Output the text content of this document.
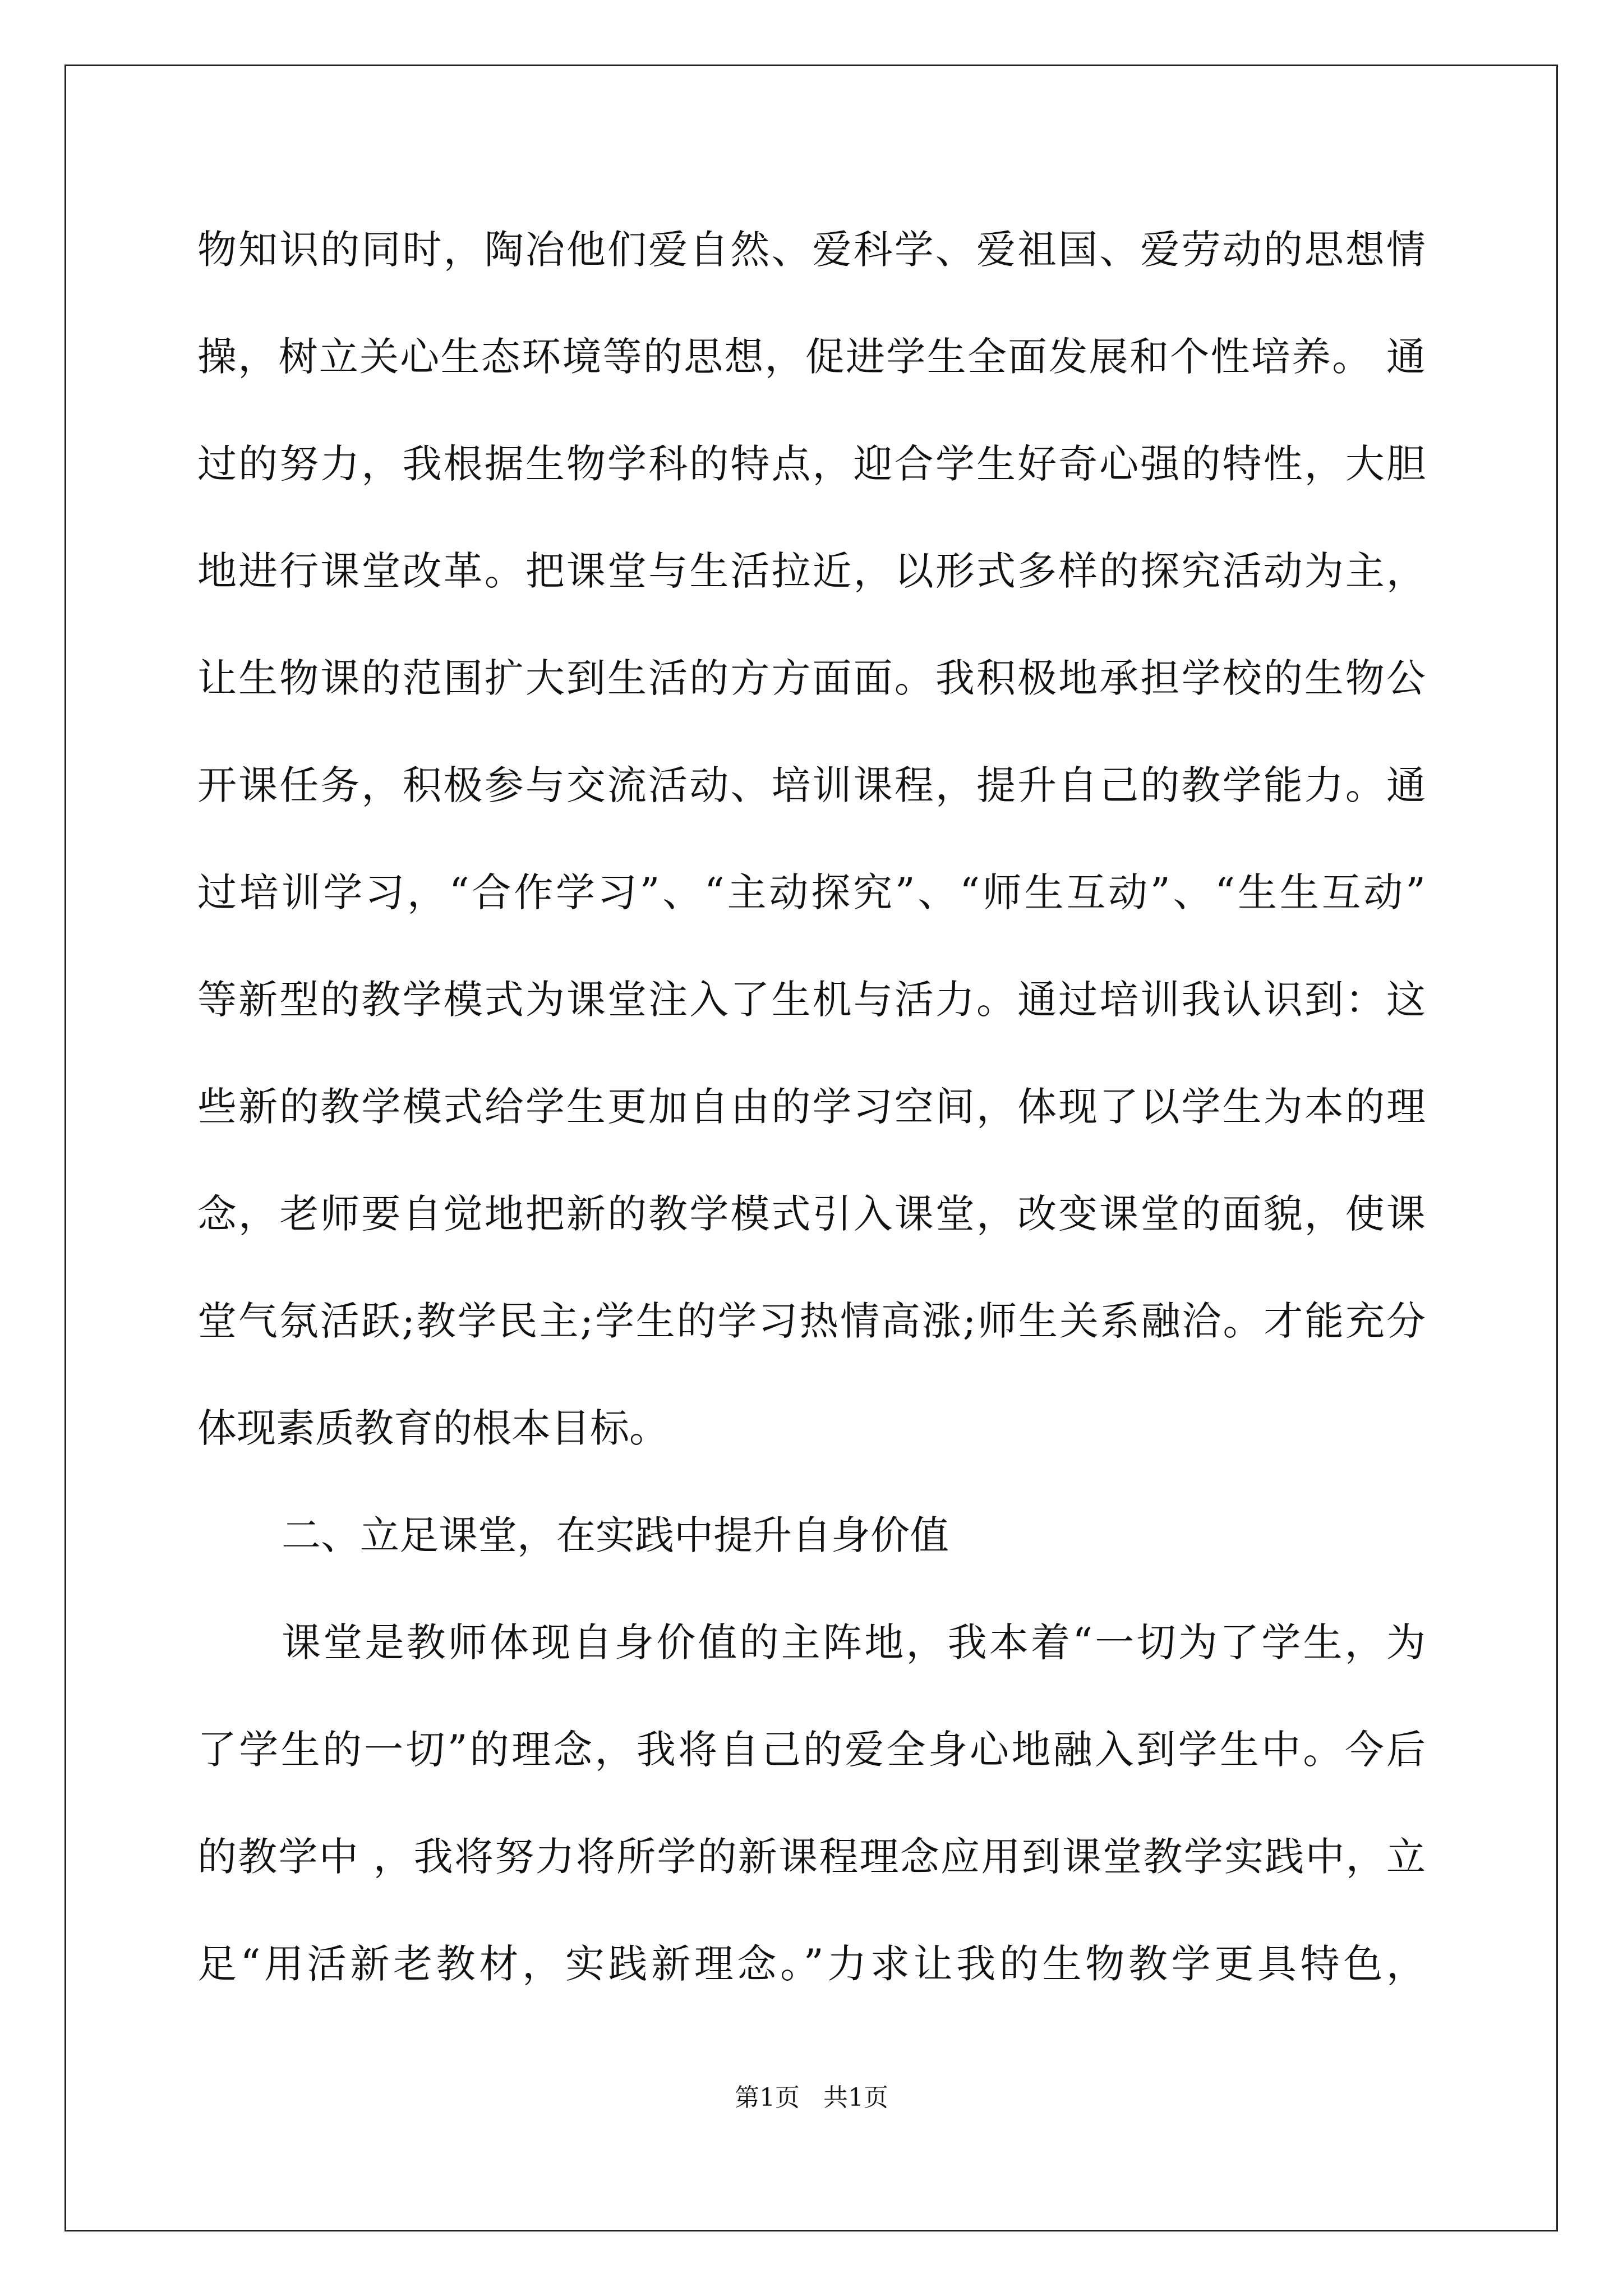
物知识的同时，陶冶他们爱自然、爱科学、爱祖国、爱劳动的思想情
操，树立关心生态环境等的思想，促进学生全面发展和个性培养。 通
过的努力，我根据生物学科的特点，迎合学生好奇心强的特性，大胆
地进行课堂改革。把课堂与生活拉近，以形式多样的探究活动为主，
让生物课的范围扩大到生活的方方面面。我积极地承担学校的生物公
开课任务，积极参与交流活动、培训课程，提升自己的教学能力。通
过培训学习，“合作学习”、“主动探究”、“师生互动”、“生生互动”
等新型的教学模式为课堂注入了生机与活力。通过培训我认识到：这
些新的教学模式给学生更加自由的学习空间，体现了以学生为本的理
念，老师要自觉地把新的教学模式引入课堂，改变课堂的面貌，使课
堂气氛活跃;教学民主;学生的学习热情高涨;师生关系融洽。才能充分
体现素质教育的根本目标。
二、立足课堂，在实践中提升自身价值
课堂是教师体现自身价值的主阵地，我本着“一切为了学生，为
了学生的一切”的理念，我将自己的爱全身心地融入到学生中。今后
的教学中 ，我将努力将所学的新课程理念应用到课堂教学实践中，立
足“用活新老教材，实践新理念。”力求让我的生物教学更具特色，
第1页 共1页
